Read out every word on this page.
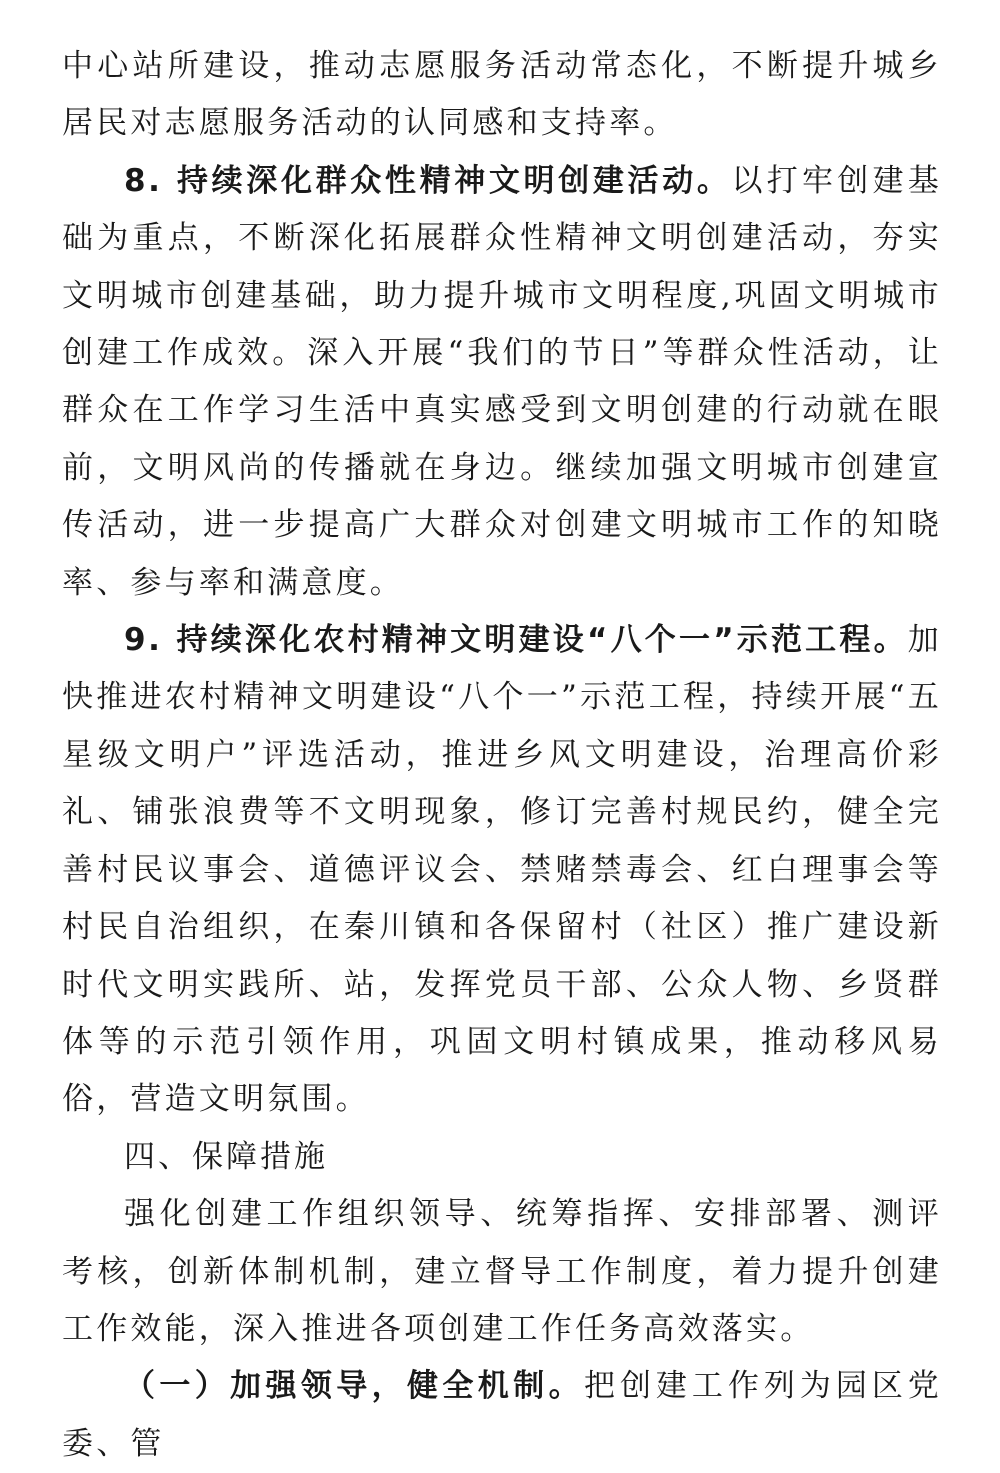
中心站所建设，推动志愿服务活动常态化，不断提升城乡居民对志愿服务活动的认同感和支持率。

8. 持续深化群众性精神文明创建活动。以打牢创建基础为重点，不断深化拓展群众性精神文明创建活动，夯实文明城市创建基础，助力提升城市文明程度,巩固文明城市创建工作成效。深入开展“我们的节日”等群众性活动，让群众在工作学习生活中真实感受到文明创建的行动就在眼前，文明风尚的传播就在身边。继续加强文明城市创建宣传活动，进一步提高广大群众对创建文明城市工作的知晓率、参与率和满意度。

9. 持续深化农村精神文明建设“八个一”示范工程。加快推进农村精神文明建设“八个一”示范工程，持续开展“五星级文明户”评选活动，推进乡风文明建设，治理高价彩礼、铺张浪费等不文明现象，修订完善村规民约，健全完善村民议事会、道德评议会、禁赌禁毒会、红白理事会等村民自治组织，在秦川镇和各保留村（社区）推广建设新时代文明实践所、站，发挥党员干部、公众人物、乡贤群体等的示范引领作用，巩固文明村镇成果，推动移风易俗，营造文明氛围。

四、保障措施

强化创建工作组织领导、统筹指挥、安排部署、测评考核，创新体制机制，建立督导工作制度，着力提升创建工作效能，深入推进各项创建工作任务高效落实。

（一）加强领导，健全机制。把创建工作列为园区党委、管
